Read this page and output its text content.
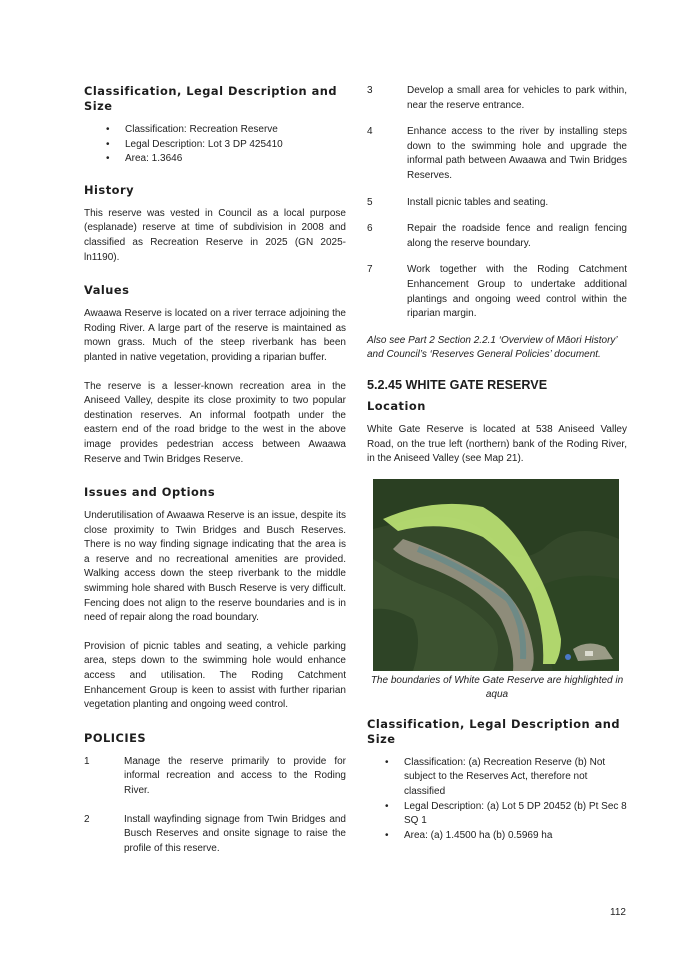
Classification, Legal Description and Size
• Classification: Recreation Reserve
• Legal Description: Lot 3 DP 425410
• Area: 1.3646
History

This reserve was vested in Council as a local purpose (esplanade) reserve at time of subdivision in 2008 and classified as Recreation Reserve in 2025 (GN 2025-ln1190).

Values

Awaawa Reserve is located on a river terrace adjoining the Roding River. A large part of the reserve is maintained as mown grass. Much of the steep riverbank has been planted in native vegetation, providing a riparian buffer.

The reserve is a lesser-known recreation area in the Aniseed Valley, despite its close proximity to two popular destination reserves. An informal footpath under the eastern end of the road bridge to the west in the above image provides pedestrian access between Awaawa Reserve and Twin Bridges Reserve.

Issues and Options

Underutilisation of Awaawa Reserve is an issue, despite its close proximity to Twin Bridges and Busch Reserves. There is no way finding signage indicating that the area is a reserve and no recreational amenities are provided. Walking access down the steep riverbank to the middle swimming hole shared with Busch Reserve is very difficult. Fencing does not align to the reserve boundaries and is in need of repair along the road boundary.

Provision of picnic tables and seating, a vehicle parking area, steps down to the swimming hole would enhance access and utilisation. The Roding Catchment Enhancement Group is keen to assist with further riparian vegetation planting and ongoing weed control.

POLICIES
1	Manage the reserve primarily to provide for informal recreation and access to the Roding River.
2	Install wayfinding signage from Twin Bridges and Busch Reserves and onsite signage to raise the profile of this reserve.
3	Develop a small area for vehicles to park within, near the reserve entrance.
4	Enhance access to the river by installing steps down to the swimming hole and upgrade the informal path between Awaawa and Twin Bridges Reserves.
5	Install picnic tables and seating.
6	Repair the roadside fence and realign fencing along the reserve boundary.
7	Work together with the Roding Catchment Enhancement Group to undertake additional plantings and ongoing weed control within the riparian margin.

Also see Part 2 Section 2.2.1 ‘Overview of Māori History’ and Council’s ‘Reserves General Policies’ document.

5.2.45 WHITE GATE RESERVE
Location

White Gate Reserve is located at 538 Aniseed Valley Road, on the true left (northern) bank of the Roding River, in the Aniseed Valley (see Map 21).

The boundaries of White Gate Reserve are highlighted in aqua
Classification, Legal Description and Size
• Classification: (a) Recreation Reserve (b) Not subject to the Reserves Act, therefore not classified
• Legal Description: (a) Lot 5 DP 20452 (b) Pt Sec 8 SQ 1
• Area: (a) 1.4500 ha (b) 0.5969 ha
112
